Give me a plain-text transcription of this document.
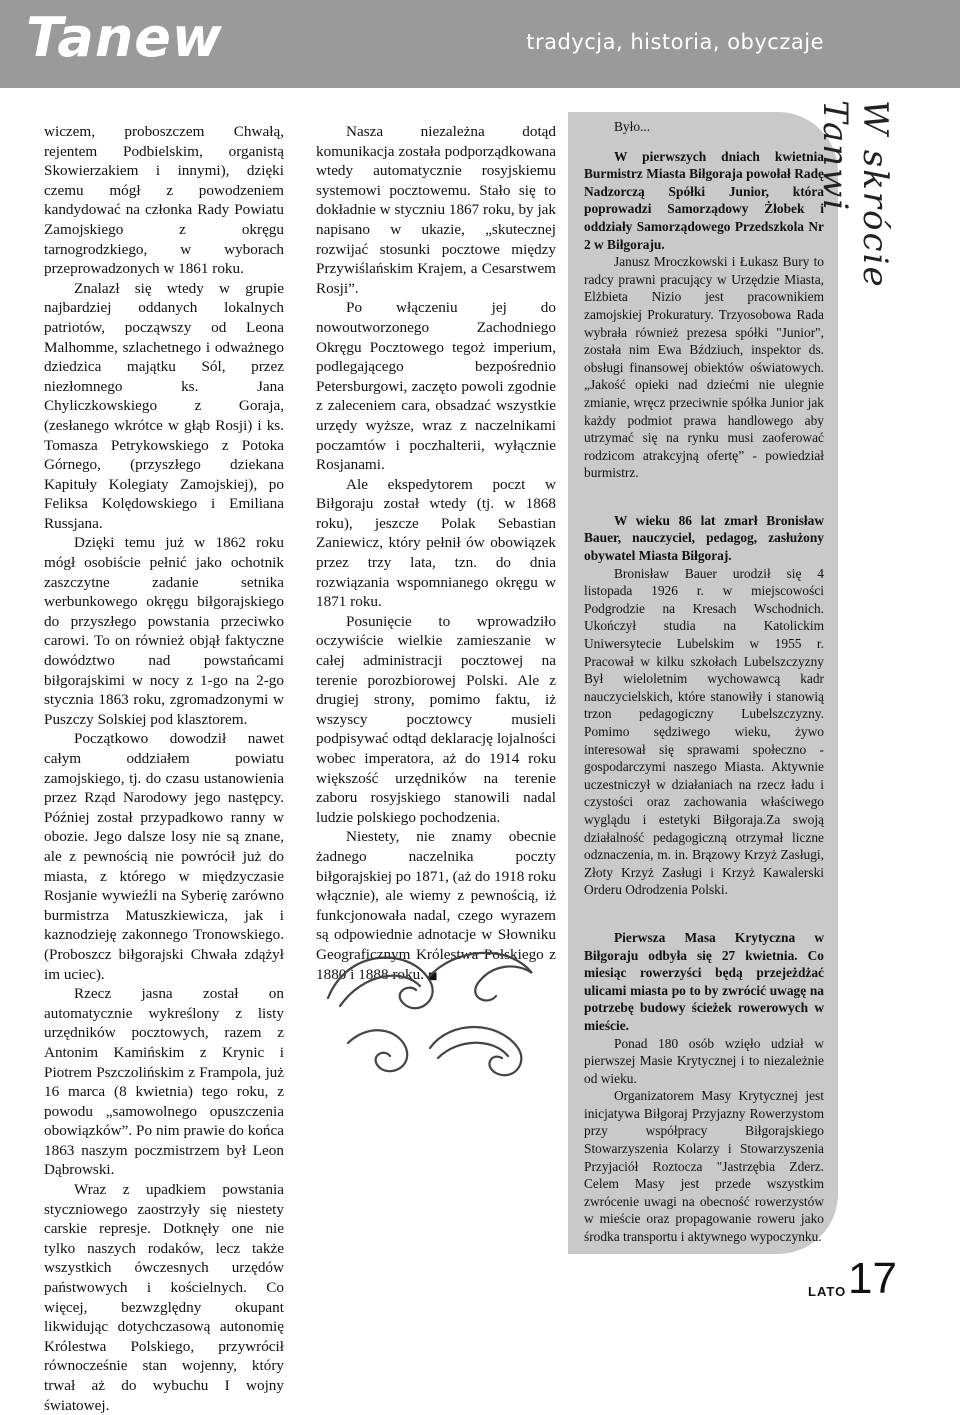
Tanew	tradycja, historia, obyczaje

wiczem, proboszczem Chwałą, rejentem Podbielskim, organistą Skowierzakiem i innymi), dzięki czemu mógł z powodzeniem kandydować na członka Rady Powiatu Zamojskiego z okręgu tarnogrodzkiego, w wyborach przeprowadzonych w 1861 roku.

Znalazł się wtedy w grupie najbardziej oddanych lokalnych patriotów, począwszy od Leona Malhomme, szlachetnego i odważnego dziedzica majątku Sól, przez niezłomnego ks. Jana Chyliczkowskiego z Goraja, (zesłanego wkrótce w głąb Rosji) i ks. Tomasza Petrykowskiego z Potoka Górnego, (przyszłego dziekana Kapituły Kolegiaty Zamojskiej), po Feliksa Kolędowskiego i Emiliana Russjana.

Dzięki temu już w 1862 roku mógł osobiście pełnić jako ochotnik zaszczytne zadanie setnika werbunkowego okręgu biłgorajskiego do przyszłego powstania przeciwko carowi. To on również objął faktyczne dowództwo nad powstańcami biłgorajskimi w nocy z 1-go na 2-go stycznia 1863 roku, zgromadzonymi w Puszczy Solskiej pod klasztorem.

Początkowo dowodził nawet całym oddziałem powiatu zamojskiego, tj. do czasu ustanowienia przez Rząd Narodowy jego następcy. Później został przypadkowo ranny w obozie. Jego dalsze losy nie są znane, ale z pewnością nie powrócił już do miasta, z którego w międzyczasie Rosjanie wywieźli na Syberię zarówno burmistrza Matuszkiewicza, jak i kaznodzieję zakonnego Tronowskiego. (Proboszcz biłgorajski Chwała zdążył im uciec).

Rzecz jasna został on automatycznie wykreślony z listy urzędników pocztowych, razem z Antonim Kamińskim z Krynic i Piotrem Pszczolińskim z Frampola, już 16 marca (8 kwietnia) tego roku, z powodu „samowolnego opuszczenia obowiązków”. Po nim prawie do końca 1863 naszym poczmistrzem był Leon Dąbrowski.

Wraz z upadkiem powstania styczniowego zaostrzyły się niestety carskie represje. Dotknęły one nie tylko naszych rodaków, lecz także wszystkich ówczesnych urzędów państwowych i kościelnych. Co więcej, bezwzględny okupant likwidując dotychczasową autonomię Królestwa Polskiego, przywrócił równocześnie stan wojenny, który trwał aż do wybuchu I wojny światowej.

Nasza niezależna dotąd komunikacja została podporządkowana wtedy automatycznie rosyjskiemu systemowi pocztowemu. Stało się to dokładnie w styczniu 1867 roku, by jak napisano w ukazie, „skutecznej rozwijać stosunki pocztowe między Przywiślańskim Krajem, a Cesarstwem Rosji”.

Po włączeniu jej do nowoutworzonego Zachodniego Okręgu Pocztowego tegoż imperium, podlegającego bezpośrednio Petersburgowi, zaczęto powoli zgodnie z zaleceniem cara, obsadzać wszystkie urzędy wyższe, wraz z naczelnikami poczamtów i poczhalterii, wyłącznie Rosjanami.

Ale ekspedytorem poczt w Biłgoraju został wtedy (tj. w 1868 roku), jeszcze Polak Sebastian Zaniewicz, który pełnił ów obowiązek przez trzy lata, tzn. do dnia rozwiązania wspomnianego okręgu w 1871 roku.

Posunięcie to wprowadziło oczywiście wielkie zamieszanie w całej administracji pocztowej na terenie porozbiorowej Polski. Ale z drugiej strony, pomimo faktu, iż wszyscy pocztowcy musieli podpisywać odtąd deklarację lojalności wobec imperatora, aż do 1914 roku większość urzędników na terenie zaboru rosyjskiego stanowili nadal ludzie polskiego pochodzenia.

Niestety, nie znamy obecnie żadnego naczelnika poczty biłgorajskiej po 1871, (aż do 1918 roku włącznie), ale wiemy z pewnością, iż funkcjonowała nadal, czego wyrazem są odpowiednie adnotacje w Słowniku Geograficznym Królestwa Polskiego z 1880 i 1888 roku. ■

Było...

W pierwszych dniach kwietnia Burmistrz Miasta Biłgoraja powołał Radę Nadzorczą Spółki Junior, która poprowadzi Samorządowy Żłobek i oddziały Samorządowego Przedszkola Nr 2 w Biłgoraju.

Janusz Mroczkowski i Łukasz Bury to radcy prawni pracujący w Urzędzie Miasta, Elżbieta Nizio jest pracownikiem zamojskiej Prokuratury. Trzyosobowa Rada wybrała również prezesa spółki "Junior", została nim Ewa Bździuch, inspektor ds. obsługi finansowej obiektów oświatowych. „Jakość opieki nad dziećmi nie ulegnie zmianie, wręcz przeciwnie spółka Junior jak każdy podmiot prawa handlowego aby utrzymać się na rynku musi zaoferować rodzicom atrakcyjną ofertę” - powiedział burmistrz.

W wieku 86 lat zmarł Bronisław Bauer, nauczyciel, pedagog, zasłużony obywatel Miasta Biłgoraj.

Bronisław Bauer urodził się 4 listopada 1926 r. w miejscowości Podgrodzie na Kresach Wschodnich. Ukończył studia na Katolickim Uniwersytecie Lubelskim w 1955 r. Pracował w kilku szkołach Lubelszczyzny Był wieloletnim wychowawcą kadr nauczycielskich, które stanowiły i stanowią trzon pedagogiczny Lubelszczyzny. Pomimo sędziwego wieku, żywo interesował się sprawami społeczno - gospodarczymi naszego Miasta. Aktywnie uczestniczył w działaniach na rzecz ładu i czystości oraz zachowania właściwego wyglądu i estetyki Biłgoraja.Za swoją działalność pedagogiczną otrzymał liczne odznaczenia, m. in. Brązowy Krzyż Zasługi, Złoty Krzyż Zasługi i Krzyż Kawalerski Orderu Odrodzenia Polski.

Pierwsza Masa Krytyczna w Biłgoraju odbyła się 27 kwietnia. Co miesiąc rowerzyści będą przejeżdżać ulicami miasta po to by zwrócić uwagę na potrzebę budowy ścieżek rowerowych w mieście.

Ponad 180 osób wzięło udział w pierwszej Masie Krytycznej i to niezależnie od wieku.

Organizatorem Masy Krytycznej jest inicjatywa Biłgoraj Przyjazny Rowerzystom przy współpracy Biłgorajskiego Stowarzyszenia Kolarzy i Stowarzyszenia Przyjaciół Roztocza "Jastrzębia Zderz. Celem Masy jest przede wszystkim zwrócenie uwagi na obecność rowerzystów w mieście oraz propagowanie roweru jako środka transportu i aktywnego wypoczynku.

W skrócie Tanwi
LATO 17
